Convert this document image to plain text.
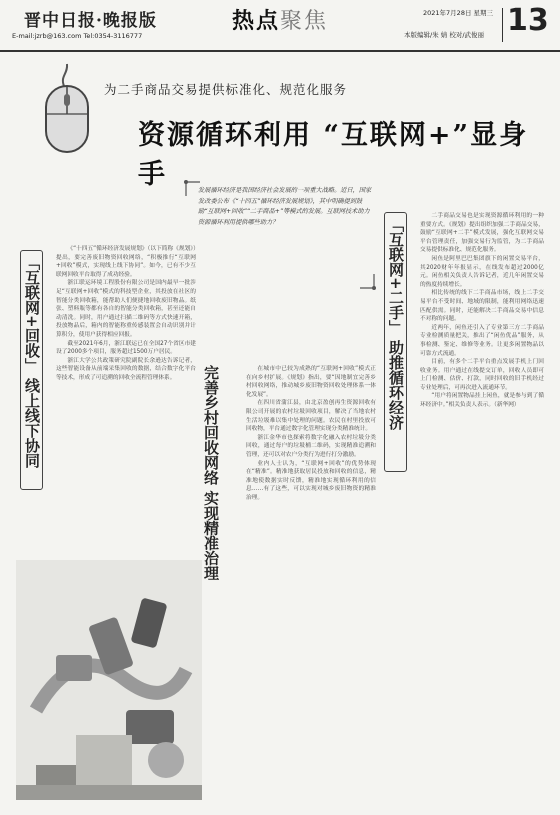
晋中日报·晚报版
E-mail:jzrb@163.com Tel:0354-3116777
热点聚焦	2021年7月28日 星期三
本版编辑/朱 婧 校对/武俊丽 13
为二手商品交易提供标准化、规范化服务
资源循环利用 “互联网+”显身手
发展循环经济是我国经济社会发展的一项重大战略。近日，国家发改委公布《“十四五”循环经济发展规划》，其中明确提到鼓励“互联网+回收”“二手商品+”等模式的发展。互联网技术助力资源循环利用提供哪些助力？
「互联网+回收」 线上线下协同

《“十四五”循环经济发展规划》（以下简称《规划》）提出，要完善废旧物资回收网络，“积极推行“互联网+回收”模式，实现线上线下协同”。如今，已有不少互联网回收平台取得了成功经验。

浙江联运环境工程股份有限公司是国内最早一批涉足“互联网+回收”模式的科技型企业，其投放在社区的智能分类回收箱，能帮助人们便捷地回收废旧物品。纸张、塑料瓶等都有各自的智能分类回收箱，甚至还能自动清洗。同时，用户通过扫描二维码等方式快速开箱，投放物品后，箱内的智能称重传感装置会自动识别并计算积分，使用户获得相应回报。

截至2021年6月，浙江联运已在全国27个省区市建设了2000多个项目，服务超过1500万户居民。

浙江大学公共政策研究院副院长余逊达告诉记者，这些智能设备从前端采集回收的数据，结合数字化平台等技术，形成了可追溯的回收全流程管理体系。	完善乡村回收网络 实现精准治理	在城市中已较为成熟的“互联网+回收”模式正在向乡村扩展。《规划》指出，要“因地制宜完善乡村回收网络，推动城乡废旧物资回收处理体系一体化发展”。

在四川省蒲江县，由北京盈创再生资源回收有限公司开展的农村垃圾回收项目，解决了当地农村生活垃圾难以集中处理的问题。农民在村里投放可回收物，平台通过数字化管理实现分类精准统计。

浙江金华市也探索将数字化融入农村垃圾分类回收，通过每户的垃圾桶二维码，实现精准追溯和管理，还可以对农户分类行为进行打分激励。

业内人士认为，“互联网+回收”的优势体现在“精准”。精准地获取居民投放和回收的信息，精准地使数据实时反馈，精准地实现循环利用的信息……有了这些，可以实现对城乡废旧物资的精准治理。

「互联网+二手」 助推循环经济

二手商品交易也是实现资源循环利用的一种重要方式。《规划》提出组织加强二手商品交易，鼓励“互联网+二手”模式发展，强化互联网交易平台管理责任，加强交易行为监管，为二手商品交易提供标准化、规范化服务。

闲鱼是阿里巴巴集团旗下的闲置交易平台，其2020财年年报显示，在线发布超过2000亿元。闲鱼相关负责人告诉记者，近几年闲置交易的热度持续增长。

相比传统的线下二手商品市场，线上二手交易平台不受时间、地域的限制，能利用网络迅速匹配供需。同时，还能解决二手商品交易中信息不对称的问题。

近两年，闲鱼还引入了专业第三方二手商品专业检测质量把关，推出了“闲鱼优品”服务，从事检测、鉴定、维修等业务。让更多闲置物品以可靠方式流通。

目前，有多个二手平台重点发展手机上门回收业务。用户通过在线提交订单，回收人员即可上门检测、估价、打款，同时回收的旧手机经过专业处理后，可再次进入流通环节。

“用户将闲置物品挂上闲鱼，就是参与到了循环经济中。”相关负责人表示。（新华网）
